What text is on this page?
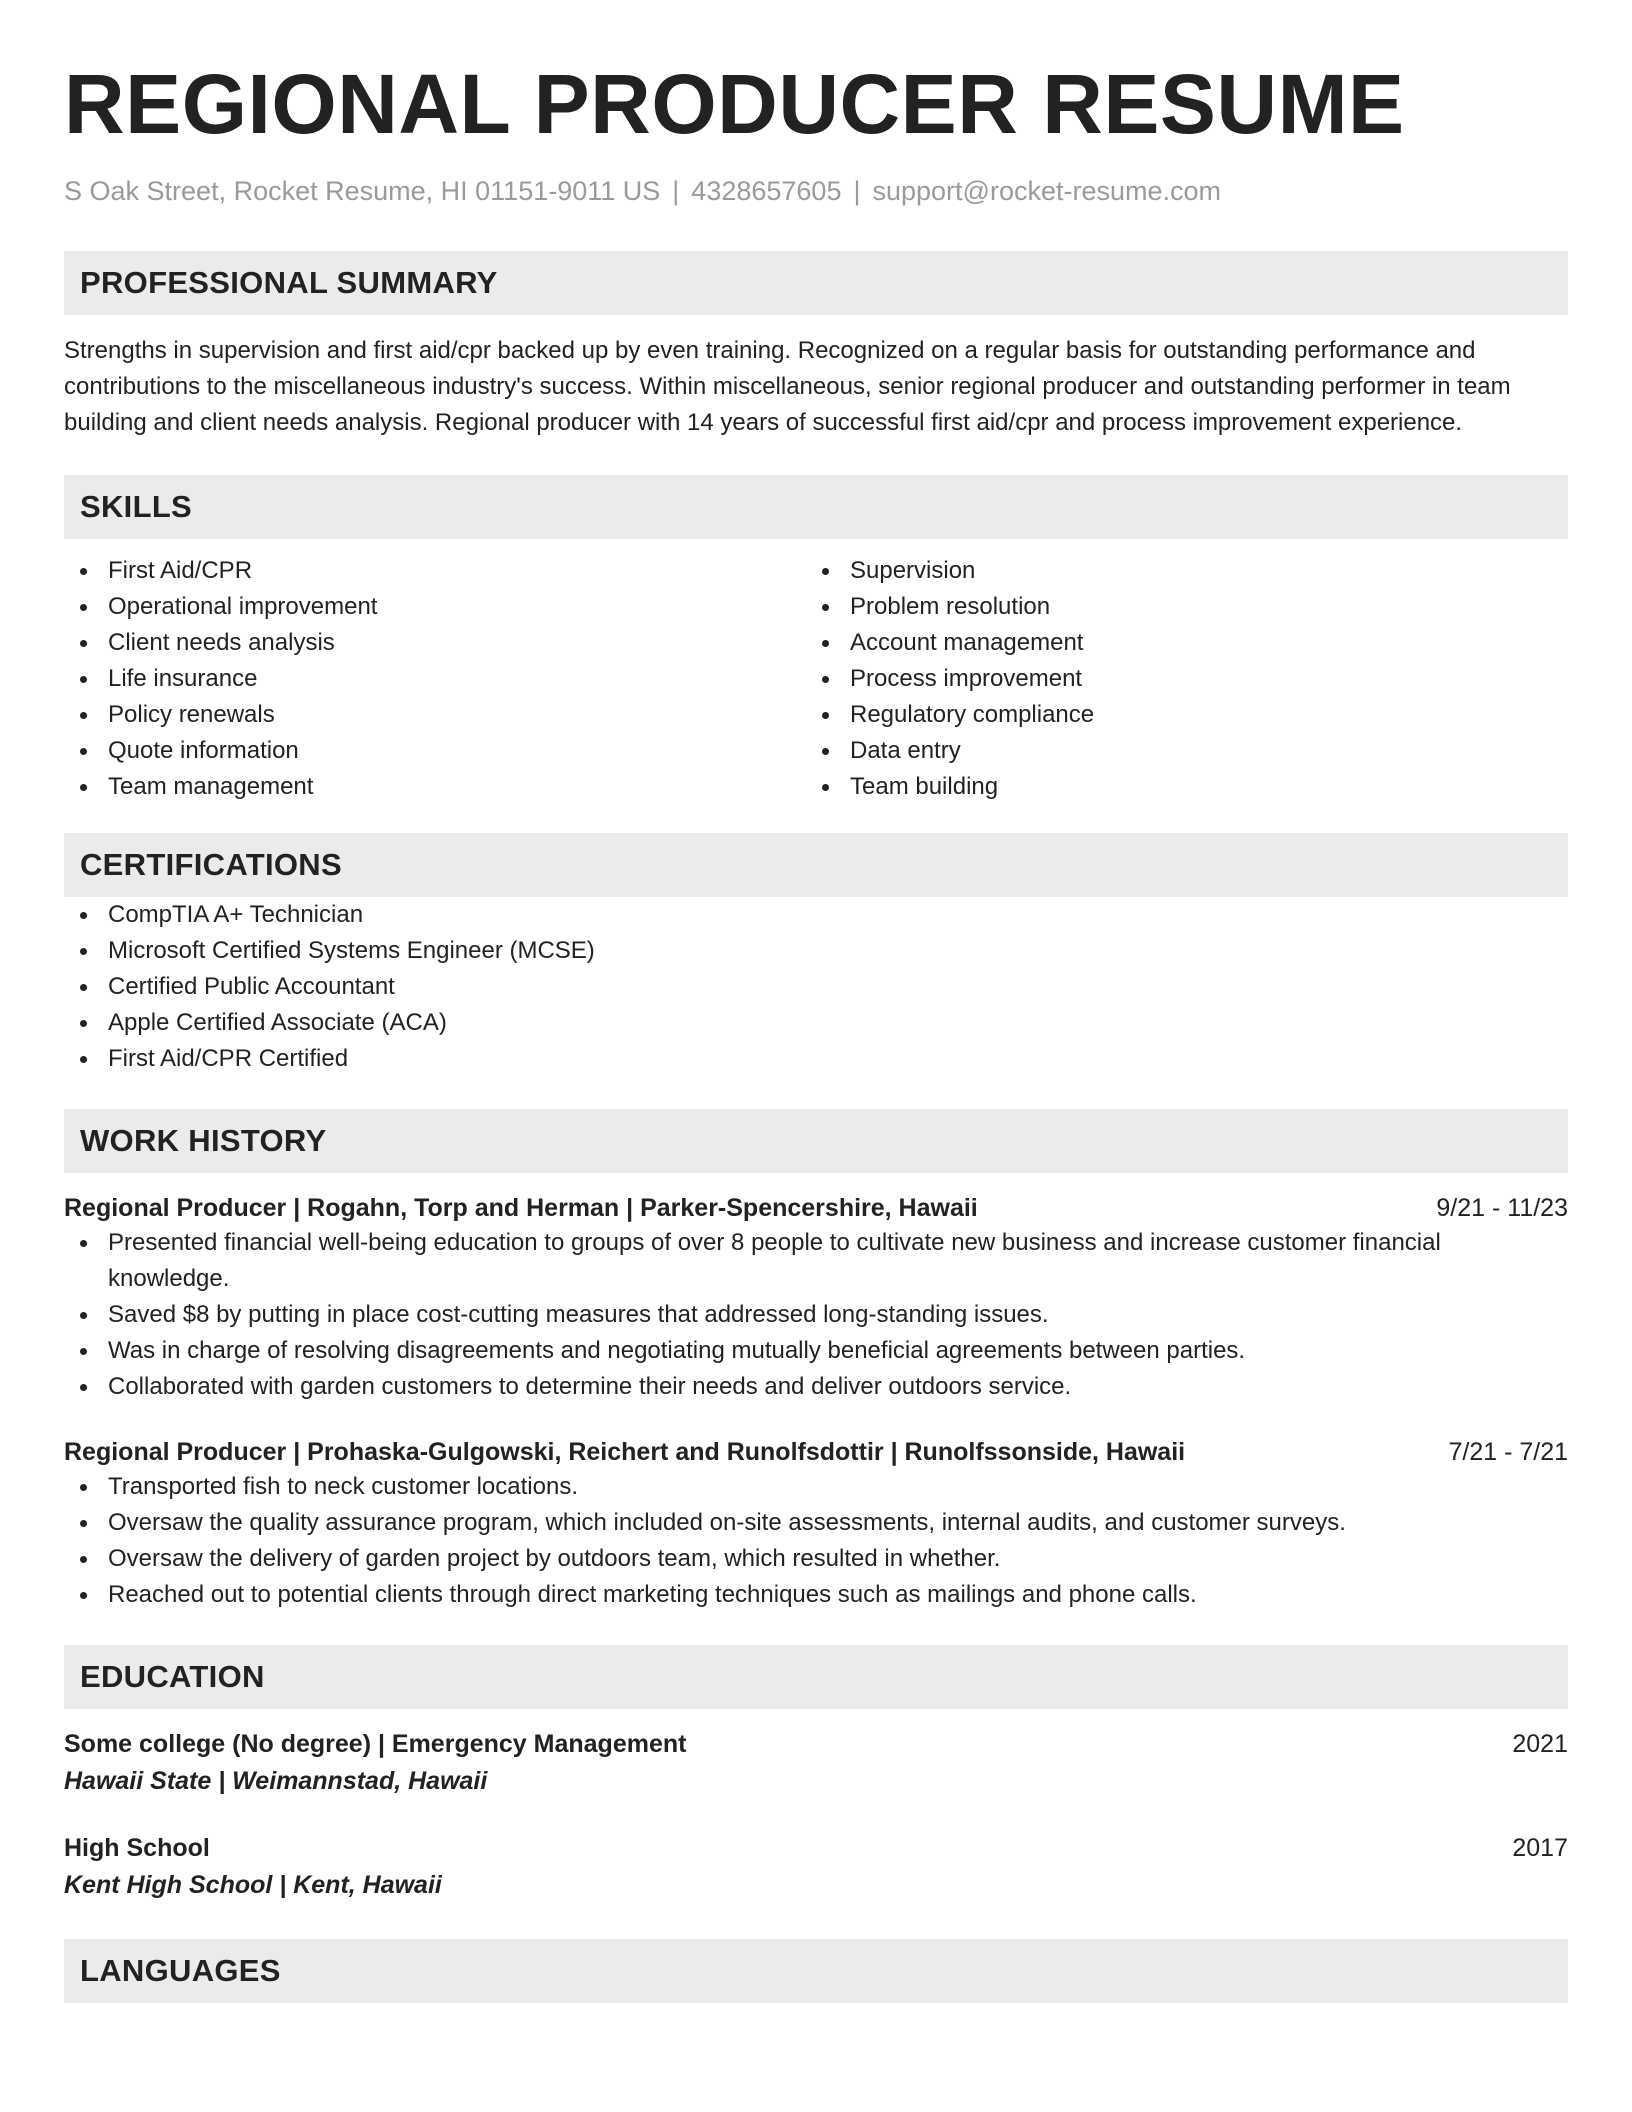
REGIONAL PRODUCER RESUME
S Oak Street, Rocket Resume, HI 01151-9011 US | 4328657605 | support@rocket-resume.com
PROFESSIONAL SUMMARY
Strengths in supervision and first aid/cpr backed up by even training. Recognized on a regular basis for outstanding performance and contributions to the miscellaneous industry's success. Within miscellaneous, senior regional producer and outstanding performer in team building and client needs analysis. Regional producer with 14 years of successful first aid/cpr and process improvement experience.
SKILLS
First Aid/CPR
Operational improvement
Client needs analysis
Life insurance
Policy renewals
Quote information
Team management
Supervision
Problem resolution
Account management
Process improvement
Regulatory compliance
Data entry
Team building
CERTIFICATIONS
CompTIA A+ Technician
Microsoft Certified Systems Engineer (MCSE)
Certified Public Accountant
Apple Certified Associate (ACA)
First Aid/CPR Certified
WORK HISTORY
Regional Producer | Rogahn, Torp and Herman | Parker-Spencershire, Hawaii	9/21 - 11/23
Presented financial well-being education to groups of over 8 people to cultivate new business and increase customer financial knowledge.
Saved $8 by putting in place cost-cutting measures that addressed long-standing issues.
Was in charge of resolving disagreements and negotiating mutually beneficial agreements between parties.
Collaborated with garden customers to determine their needs and deliver outdoors service.
Regional Producer | Prohaska-Gulgowski, Reichert and Runolfsdottir | Runolfssonside, Hawaii	7/21 - 7/21
Transported fish to neck customer locations.
Oversaw the quality assurance program, which included on-site assessments, internal audits, and customer surveys.
Oversaw the delivery of garden project by outdoors team, which resulted in whether.
Reached out to potential clients through direct marketing techniques such as mailings and phone calls.
EDUCATION
Some college (No degree) | Emergency Management	2021
Hawaii State | Weimannstad, Hawaii
High School	2017
Kent High School | Kent, Hawaii
LANGUAGES
